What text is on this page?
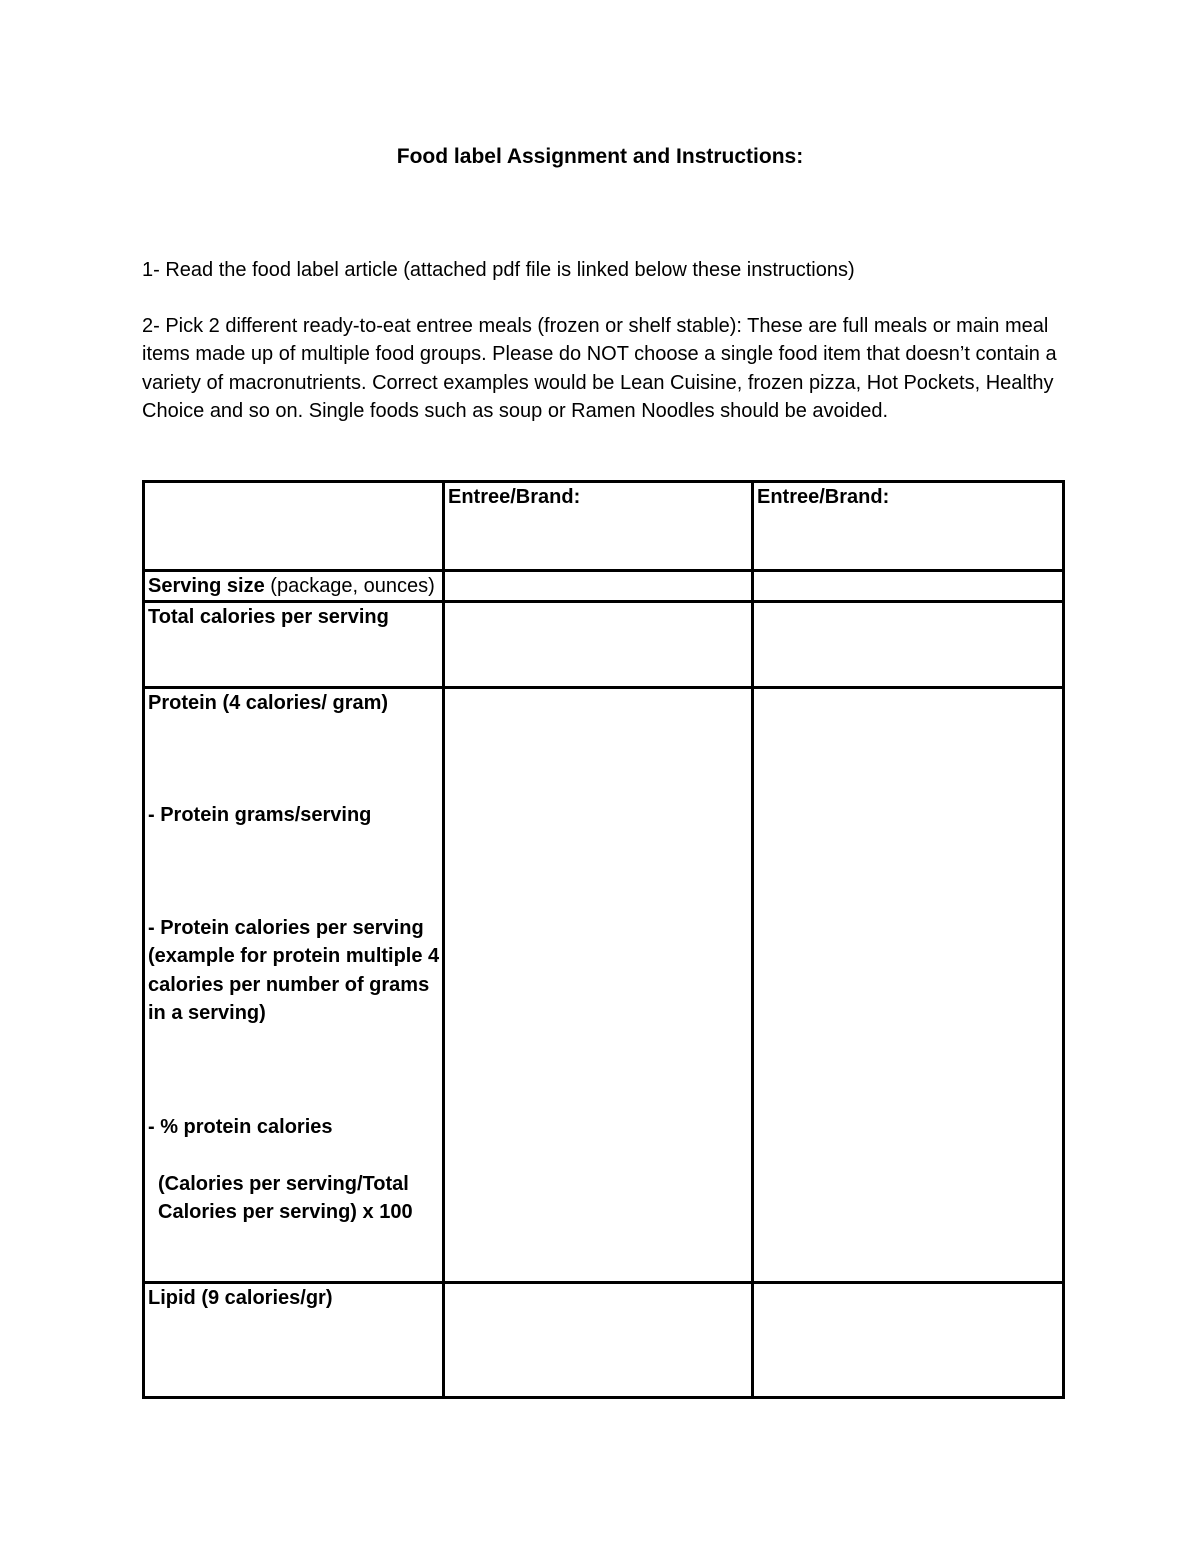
Food label Assignment and Instructions:

1- Read the food label article (attached pdf file is linked below these instructions)

2- Pick 2 different ready-to-eat entree meals (frozen or shelf stable): These are full meals or main meal items made up of multiple food groups. Please do NOT choose a single food item that doesn’t contain a variety of macronutrients. Correct examples would be Lean Cuisine, frozen pizza, Hot Pockets, Healthy Choice and so on. Single foods such as soup or Ramen Noodles should be avoided.

	Entree/Brand:	Entree/Brand:
Serving size (package, ounces)		
Total calories per serving		

Protein (4 calories/ gram)
- Protein grams/serving
- Protein calories per serving (example for protein multiple 4 calories per number of grams in a serving)
- % protein calories
(Calories per serving/Total Calories per serving) x 100		

Lipid (9 calories/gr)		
